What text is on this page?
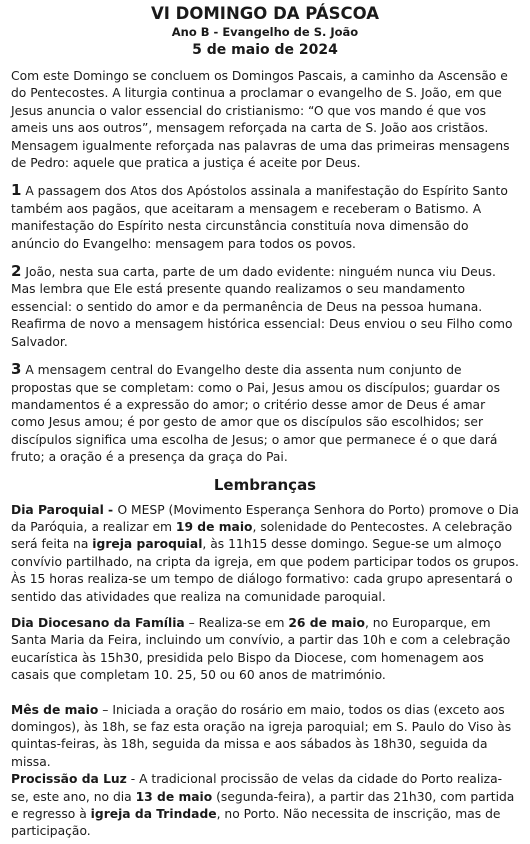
VI DOMINGO DA PÁSCOA
Ano B - Evangelho de S. João
5 de maio de 2024

Com este Domingo se concluem os Domingos Pascais, a caminho da Ascensão e do Pentecostes. A liturgia continua a proclamar o evangelho de S. João, em que Jesus anuncia o valor essencial do cristianismo: “O que vos mando é que vos ameis uns aos outros”, mensagem reforçada na carta de S. João aos cristãos. Mensagem igualmente reforçada nas palavras de uma das primeiras mensagens de Pedro: aquele que pratica a justiça é aceite por Deus.

1 A passagem dos Atos dos Apóstolos assinala a manifestação do Espírito Santo também aos pagãos, que aceitaram a mensagem e receberam o Batismo. A manifestação do Espírito nesta circunstância constituía nova dimensão do anúncio do Evangelho: mensagem para todos os povos.

2 João, nesta sua carta, parte de um dado evidente: ninguém nunca viu Deus. Mas lembra que Ele está presente quando realizamos o seu mandamento essencial: o sentido do amor e da permanência de Deus na pessoa humana. Reafirma de novo a mensagem histórica essencial: Deus enviou o seu Filho como Salvador.

3 A mensagem central do Evangelho deste dia assenta num conjunto de propostas que se completam: como o Pai, Jesus amou os discípulos; guardar os mandamentos é a expressão do amor; o critério desse amor de Deus é amar como Jesus amou; é por gesto de amor que os discípulos são escolhidos; ser discípulos significa uma escolha de Jesus; o amor que permanece é o que dará fruto; a oração é a presença da graça do Pai.

Lembranças

Dia Paroquial - O MESP (Movimento Esperança Senhora do Porto) promove o Dia da Paróquia, a realizar em 19 de maio, solenidade do Pentecostes. A celebração será feita na igreja paroquial, às 11h15 desse domingo. Segue-se um almoço convívio partilhado, na cripta da igreja, em que podem participar todos os grupos. Às 15 horas realiza-se um tempo de diálogo formativo: cada grupo apresentará o sentido das atividades que realiza na comunidade paroquial.

Dia Diocesano da Família – Realiza-se em 26 de maio, no Europarque, em Santa Maria da Feira, incluindo um convívio, a partir das 10h e com a celebração eucarística às 15h30, presidida pelo Bispo da Diocese, com homenagem aos casais que completam 10. 25, 50 ou 60 anos de matrimónio.

Mês de maio – Iniciada a oração do rosário em maio, todos os dias (exceto aos domingos), às 18h, se faz esta oração na igreja paroquial; em S. Paulo do Viso às quintas-feiras, às 18h, seguida da missa e aos sábados às 18h30, seguida da missa.

Procissão da Luz - A tradicional procissão de velas da cidade do Porto realiza-se, este ano, no dia 13 de maio (segunda-feira), a partir das 21h30, com partida e regresso à igreja da Trindade, no Porto. Não necessita de inscrição, mas de participação.
